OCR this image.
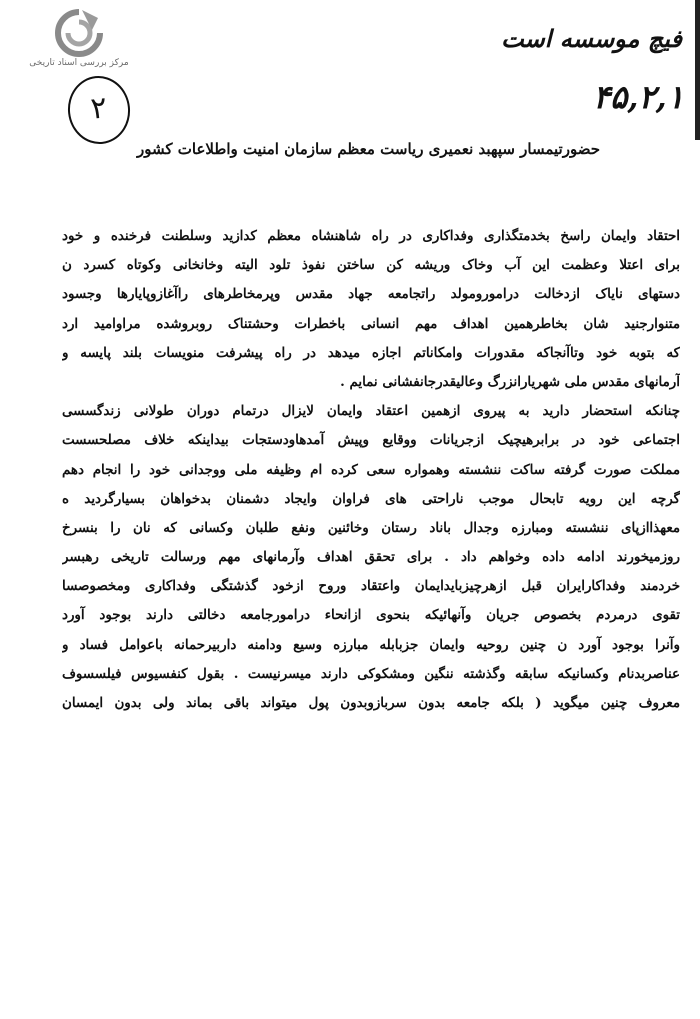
مرکز بررسی اسناد تاریخی
۲
فیچ موسسه است
۴۵,۲,۱
حضورتیمسار سپهبد نعمیری ریاست معظم سازمان امنیت واطلاعات کشور
احتقاد وایمان راسخ بخدمتگذاری وفداکاری در راه شاهنشاه معظم کدازید وسلطنت فرخنده و خود
برای اعتلا وعظمت این آب وخاک وریشه کن ساختن نفوذ تلود الیته وخانخانی وکوتاه کسرد ن
دستهای نایاک ازدخالت درامورومولد راتجامعه جهاد مقدس وپرمخاطرهای راآغازوپایارها وجسود
متنوارجنید شان بخاطرهمین اهداف مهم انسانی باخطرات وحشتناک روبروشده مراوامید ارد
که بتوبه خود وتاآنجاکه مقدورات وامکاناتم اجازه میدهد در راه پیشرفت منویسات بلند پایسه و
آرمانهای مقدس ملی شهریارانزرگ وعالیقدرجانفشانی نمایم .
چنانکه استحضار دارید به پیروی ازهمین اعتقاد وایمان لایزال درتمام دوران طولانی زندگسسی
اجتماعی خود در برابرهیچیک ازجریانات ووقایع وپیش آمدهاودستجات بیداینکه خلاف مصلحسست
مملکت صورت گرفته ساکت ننشسته وهمواره سعی کرده ام وظیفه ملی ووجدانی خود را انجام دهم
گرچه این رویه تابحال موجب ناراحتی های فراوان وایجاد دشمنان بدخواهان بسیارگردید ه
معهذاازپای ننشسته ومبارزه وجدال باناد رستان وخائنین ونفع طلبان وکسانی که نان را بنسرخ
روزمیخورند ادامه داده وخواهم داد . برای تحقق اهداف وآرمانهای مهم ورسالت تاریخی رهبسر
خردمند وفداکارایران قبل ازهرچیزبایدایمان واعتقاد وروح ازخود گذشتگی وفداکاری ومخصوصسا
تقوی درمردم بخصوص جریان وآنهائیکه بنحوی ازانحاء درامورجامعه دخالتی دارند بوجود آورد
وآنرا بوجود آورد ن چنین روحیه وایمان جزبابله مبارزه وسیع ودامنه داربیرحمانه باعوامل فساد و
عناصربدنام وکسانیکه سابقه وگذشته ننگین ومشکوکی دارند میسرنیست . بقول کنفسیوس فیلسسوف
معروف چنین میگوید ( بلکه جامعه بدون سربازوبدون پول میتواند باقی بماند ولی بدون ایمسان
